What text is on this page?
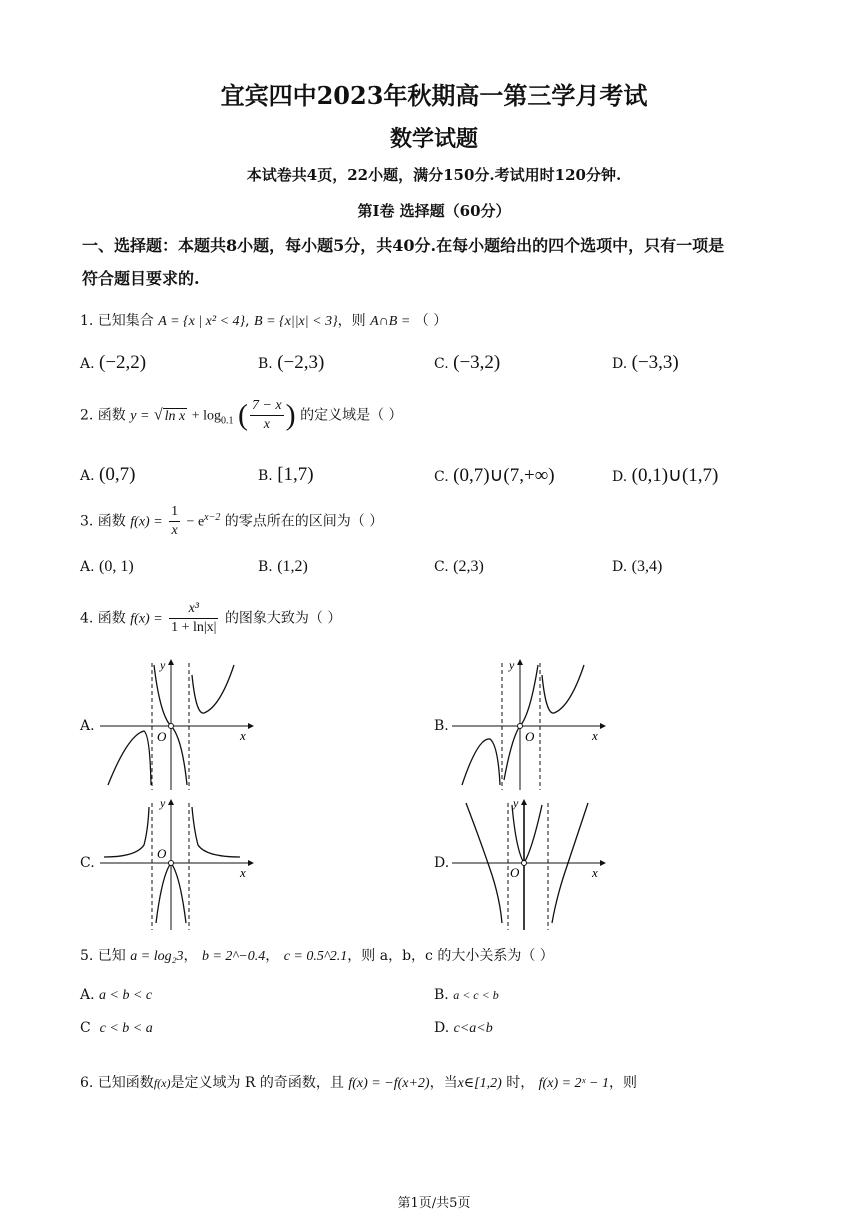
宜宾四中2023年秋期高一第三学月考试
数学试题
本试卷共4页，22小题，满分150分.考试用时120分钟.
第I卷 选择题（60分）
一、选择题：本题共8小题，每小题5分，共40分.在每小题给出的四个选项中，只有一项是
符合题目要求的.
1. 已知集合 A = {x | x² < 4}, B = {x||x| < 3}，则 A∩B = （ ）
A. (−2,2)	B. (−2,3)	C. (−3,2)	D. (−3,3)
2. 函数 y = √ $\ln x + \log_{0.1}$ ( $\frac{7 - x}{x}$ ) 的定义域是（ ）
A. (0,7)	B. [1,7)	C. (0,7)∪(7,+∞)	D. (0,1)∪(1,7)
3. 函数 $f(x) = \frac{1}{x} - e^{x-2}$ 的零点所在的区间为（ ）
A. (0, 1)	B. (1,2)	C. (2,3)	D. (3,4)
4. 函数 $f(x) = \frac{\text{x³}}{1 + \ln|x|}$ 的图象大致为（ ）
A.
x
y
O
B.
x
y
O
C.
x
y
O
D.
x
y
O
5. 已知 a = log₂3， b = 2^−0.4， c = 0.5^2.1，则 a，b，c 的大小关系为（ ）
A. a < b < c	B. a < c < b
C c < b < a	D. c<a<b
6. 已知函数f(x)是定义域为 R 的奇函数，且 f(x) = −f(x+2)，当x∈[1,2) 时， f(x) = 2ˣ − 1，则
第1页/共5页
